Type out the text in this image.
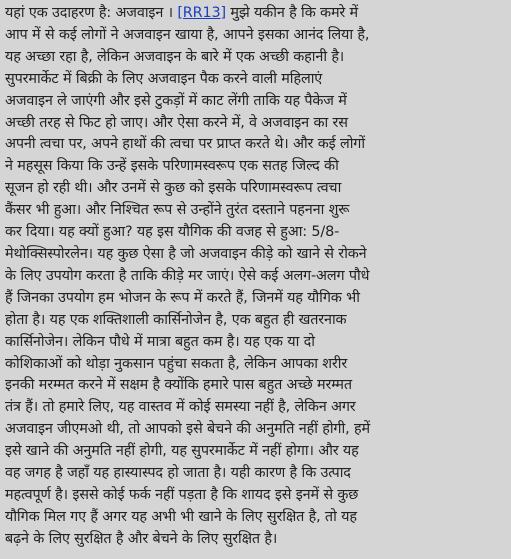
यहां एक उदाहरण है: अजवाइन । [RR13] मुझे यकीन है कि कमरे में
आप में से कई लोगों ने अजवाइन खाया है, आपने इसका आनंद लिया है,
यह अच्छा रहा है, लेकिन अजवाइन के बारे में एक अच्छी कहानी है।
सुपरमार्केट में बिक्री के लिए अजवाइन पैक करने वाली महिलाएं
अजवाइन ले जाएंगी और इसे टुकड़ों में काट लेंगी ताकि यह पैकेज में
अच्छी तरह से फिट हो जाए। और ऐसा करने में, वे अजवाइन का रस
अपनी त्वचा पर, अपने हाथों की त्वचा पर प्राप्त करते थे। और कई लोगों
ने महसूस किया कि उन्हें इसके परिणामस्वरूप एक सतह जिल्द की
सूजन हो रही थी। और उनमें से कुछ को इसके परिणामस्वरूप त्वचा
कैंसर भी हुआ। और निश्चित रूप से उन्होंने तुरंत दस्ताने पहनना शुरू
कर दिया। यह क्यों हुआ? यह इस यौगिक की वजह से हुआ: 5/8-
मेथोक्सिस्पोरलेन। यह कुछ ऐसा है जो अजवाइन कीड़े को खाने से रोकने
के लिए उपयोग करता है ताकि कीड़े मर जाएं। ऐसे कई अलग-अलग पौधे
हैं जिनका उपयोग हम भोजन के रूप में करते हैं, जिनमें यह यौगिक भी
होता है। यह एक शक्तिशाली कार्सिनोजेन है, एक बहुत ही खतरनाक
कार्सिनोजेन। लेकिन पौधे में मात्रा बहुत कम है। यह एक या दो
कोशिकाओं को थोड़ा नुकसान पहुंचा सकता है, लेकिन आपका शरीर
इनकी मरम्मत करने में सक्षम है क्योंकि हमारे पास बहुत अच्छे मरम्मत
तंत्र हैं। तो हमारे लिए, यह वास्तव में कोई समस्या नहीं है, लेकिन अगर
अजवाइन जीएमओ थी, तो आपको इसे बेचने की अनुमति नहीं होगी, हमें
इसे खाने की अनुमति नहीं होगी, यह सुपरमार्केट में नहीं होगा। और यह
वह जगह है जहाँ यह हास्यास्पद हो जाता है। यही कारण है कि उत्पाद
महत्वपूर्ण है। इससे कोई फर्क नहीं पड़ता है कि शायद इसे इनमें से कुछ
यौगिक मिल गए हैं अगर यह अभी भी खाने के लिए सुरक्षित है, तो यह
बढ़ने के लिए सुरक्षित है और बेचने के लिए सुरक्षित है।
